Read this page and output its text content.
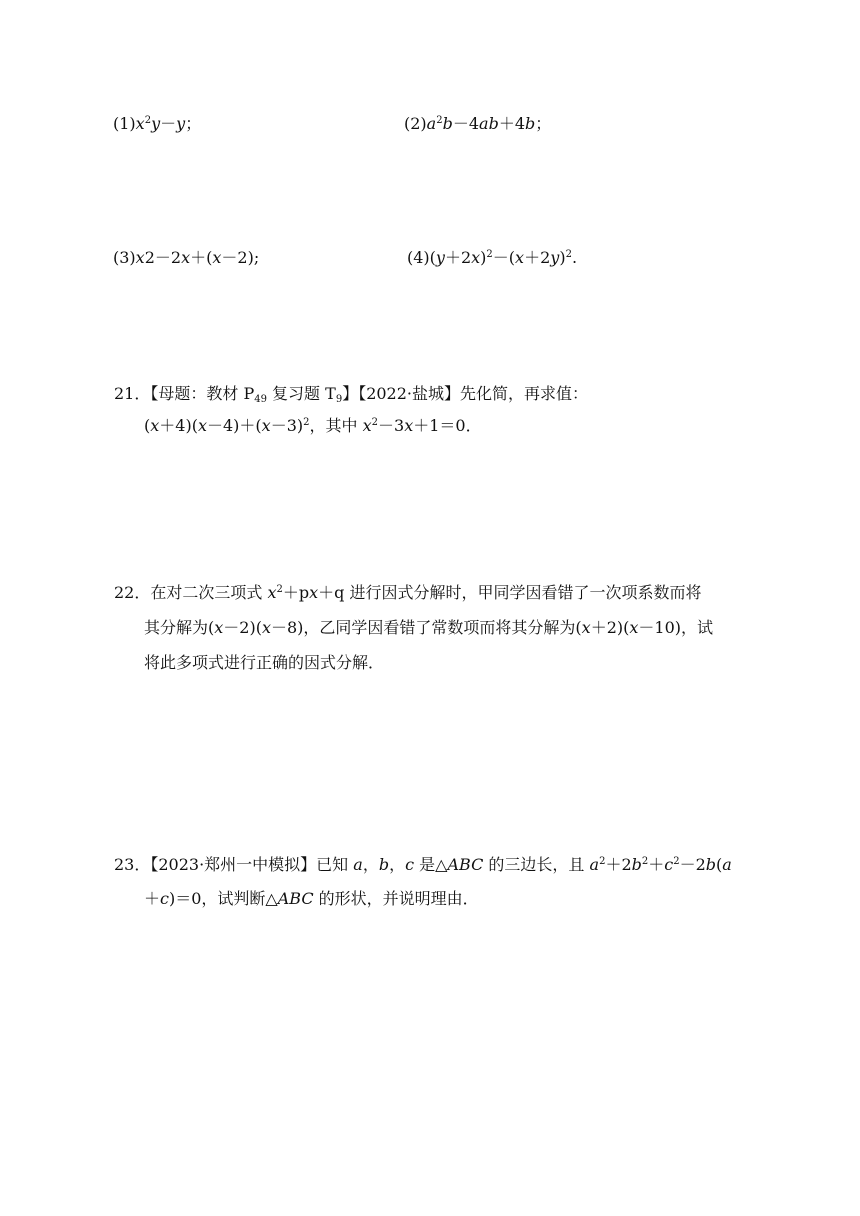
$(1)x^2y-y$；	$(2)a^2b-4ab+4b$；
(3)x2－2x＋(x－2);	$(4)(y+2x)^2-(x+2y)^2$.
21．【母题：教材 $P_{49}$ 复习题 $T_9$】【2022·盐城】先化简，再求值：
$(x+4)(x-4)+(x-3)^2$，其中 $x^2-3x+1=0$．
22．在对二次三项式 $x^2+px+q$ 进行因式分解时，甲同学因看错了一次项系数而将
其分解为(x－2)(x－8)，乙同学因看错了常数项而将其分解为(x＋2)(x－10)，试
将此多项式进行正确的因式分解．
23．【2023·郑州一中模拟】已知 a，b，c 是△ABC 的三边长，且 $a^2+2b^2+c^2-2b(a$
＋c)＝0，试判断△ABC 的形状，并说明理由．
